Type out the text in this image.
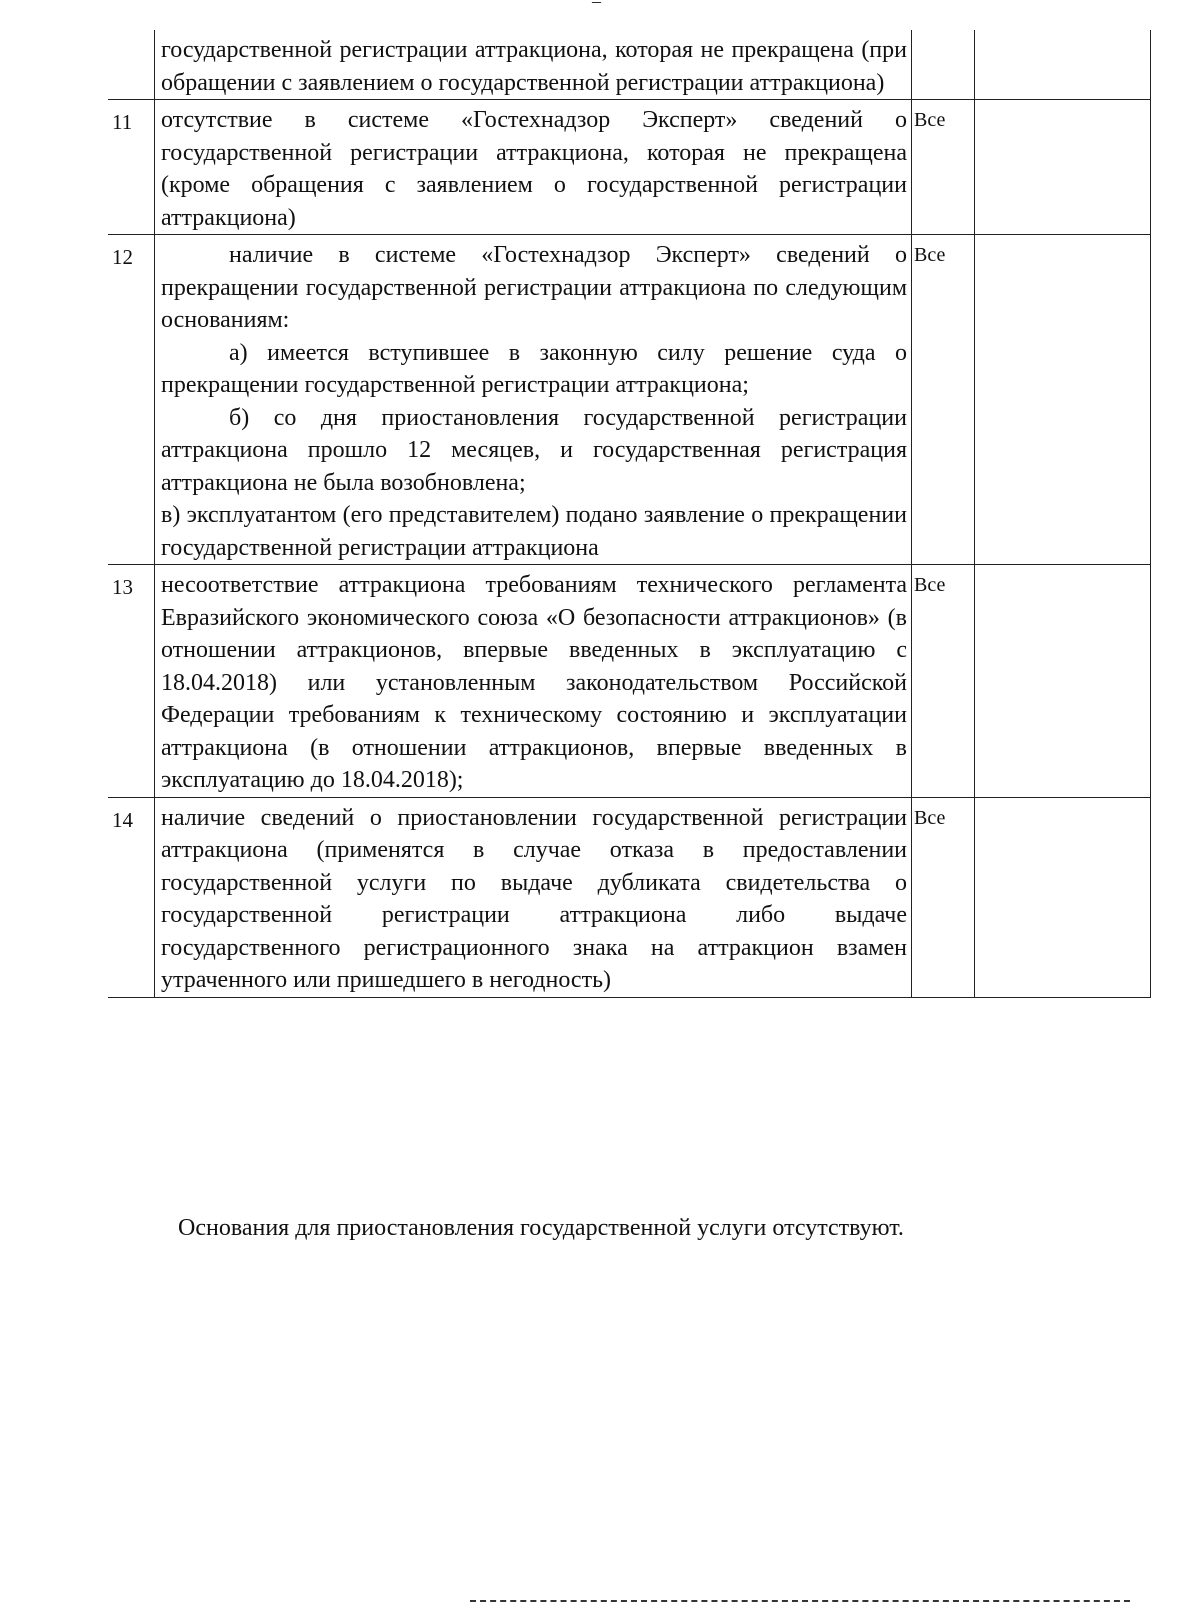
–

	государственной регистрации аттракциона, которая не прекращена (при обращении с заявлением о государственной регистрации аттракциона)		

11	отсутствие в системе «Гостехнадзор Эксперт» сведений о государственной регистрации аттракциона, которая не прекращена (кроме обращения с заявлением о государственной регистрации аттракциона)	Все	
12	наличие в системе «Гостехнадзор Эксперт» сведений о прекращении государственной регистрации аттракциона по следующим основаниям:

а) имеется вступившее в законную силу решение суда о прекращении государственной регистрации аттракциона;

б) со дня приостановления государственной регистрации аттракциона прошло 12 месяцев, и государственная регистрация аттракциона не была возобновлена;

в) эксплуатантом (его представителем) подано заявление о прекращении государственной регистрации аттракциона	Все	
13	несоответствие аттракциона требованиям технического регламента Евразийского экономического союза «О безопасности аттракционов» (в отношении аттракционов, впервые введенных в эксплуатацию с 18.04.2018) или установленным законодательством Российской Федерации требованиям к техническому состоянию и эксплуатации аттракциона (в отношении аттракционов, впервые введенных в эксплуатацию до 18.04.2018);	Все	
14	наличие сведений о приостановлении государственной регистрации аттракциона (применятся в случае отказа в предоставлении государственной услуги по выдаче дубликата свидетельства о государственной регистрации аттракциона либо выдаче государственного регистрационного знака на аттракцион взамен утраченного или пришедшего в негодность)	Все	
Основания для приостановления государственной услуги отсутствуют.
